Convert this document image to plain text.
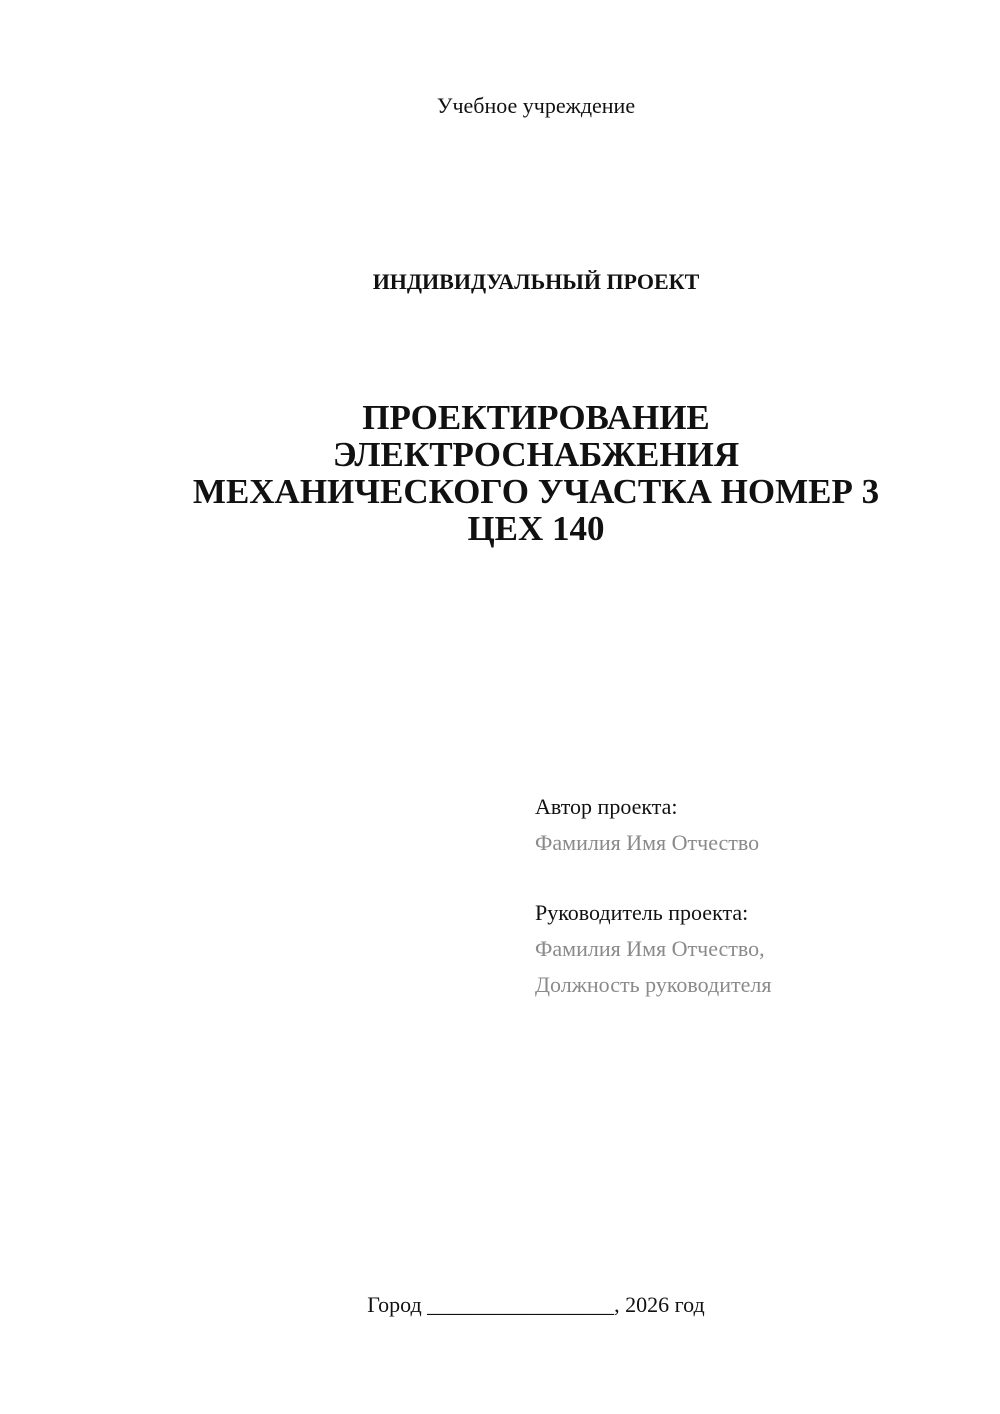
Учебное учреждение
ИНДИВИДУАЛЬНЫЙ ПРОЕКТ
ПРОЕКТИРОВАНИЕ
ЭЛЕКТРОСНАБЖЕНИЯ
МЕХАНИЧЕСКОГО УЧАСТКА НОМЕР 3
ЦЕХ 140
Автор проекта:
Фамилия Имя Отчество
Руководитель проекта:
Фамилия Имя Отчество,
Должность руководителя
Город _________________, 2026 год
